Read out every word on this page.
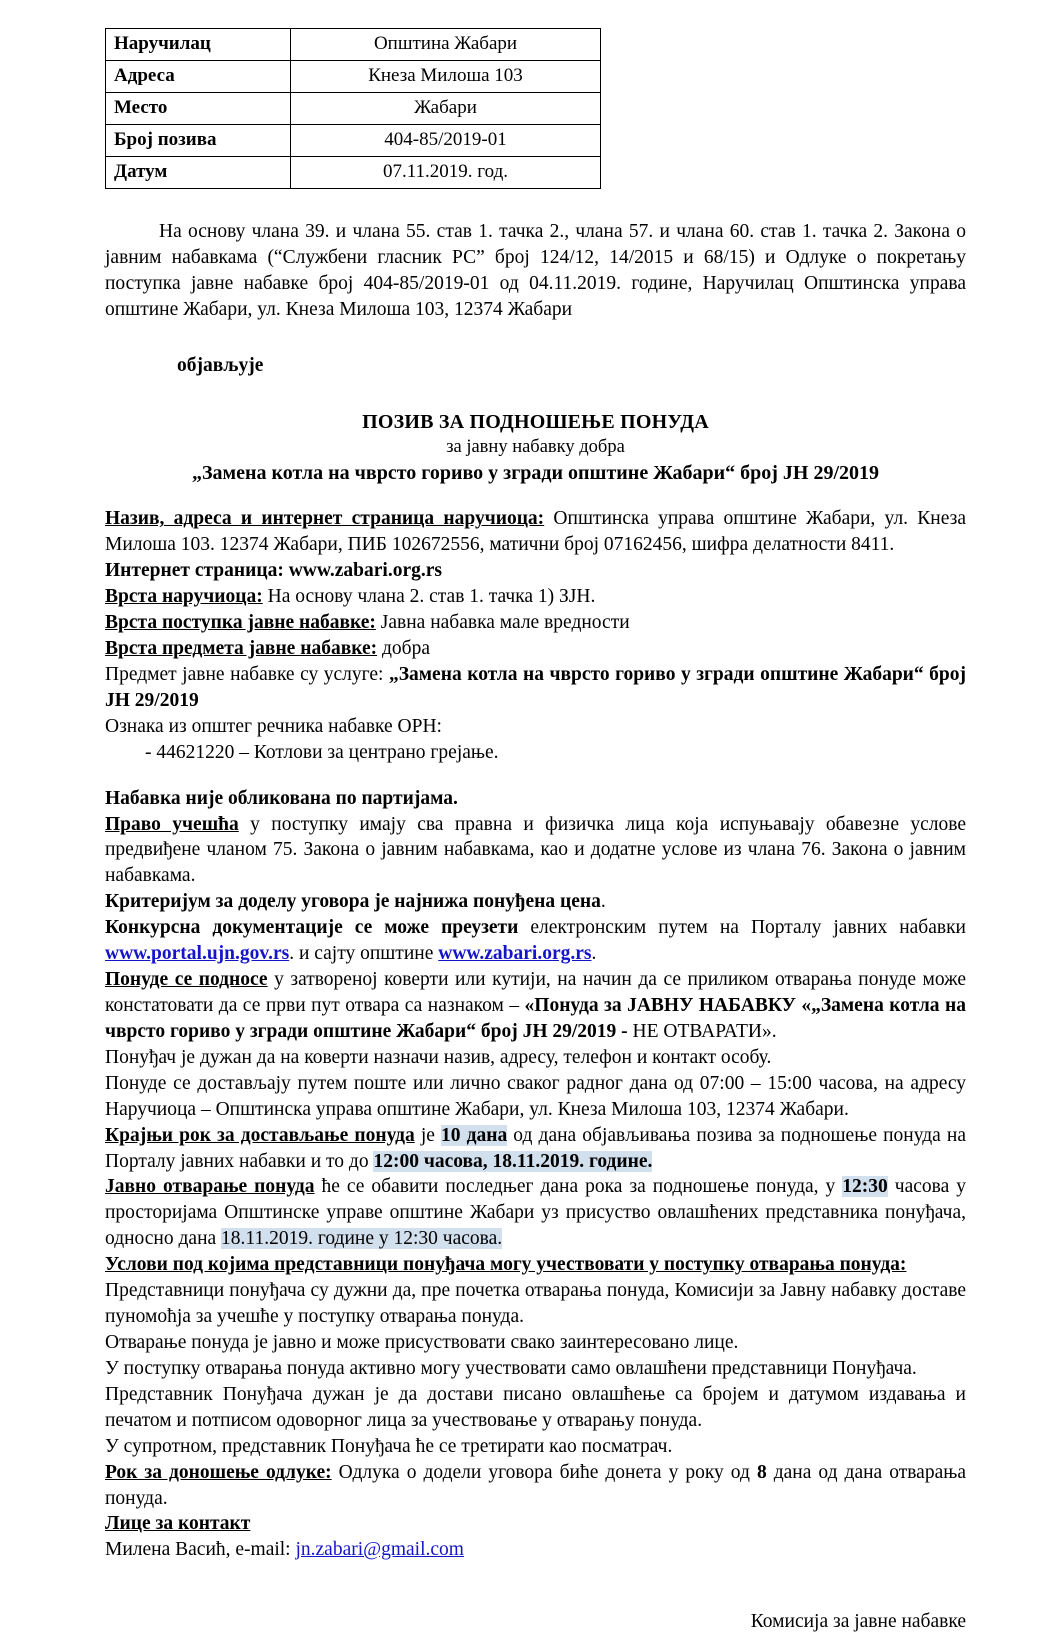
Наручилац	Општина Жабари
Адреса	Кнеза Милоша 103
Место	Жабари
Број позива	404-85/2019-01
Датум	07.11.2019. год.

На основу члана 39. и члана 55. став 1. тачка 2., члана 57. и члана 60. став 1. тачка 2. Закона о јавним набавкама (“Службени гласник РС” број 124/12, 14/2015 и 68/15) и Одлуке о покретању поступка јавне набавке број 404-85/2019-01 од 04.11.2019. године, Наручилац Општинска управа општине Жабари, ул. Кнеза Милоша 103, 12374 Жабари

објављује

ПОЗИВ ЗА ПОДНОШЕЊЕ ПОНУДА

за јавну набавку добра

„Замена котла на чврсто гориво у згради општине Жабари“ број ЈН 29/2019

Назив, адреса и интернет страница наручиоца: Општинска управа општине Жабари, ул. Кнеза Милоша 103. 12374 Жабари, ПИБ 102672556, матични број 07162456, шифра делатности 8411.

Интернет страница: www.zabari.org.rs

Врста наручиоца: На основу члана 2. став 1. тачка 1) ЗЈН.

Врста поступка јавне набавке: Јавна набавка мале вредности

Врста предмета јавне набавке: добра

Предмет јавне набавке су услуге: „Замена котла на чврсто гориво у згради општине Жабари“ број ЈН 29/2019

Ознака из општег речника набавке ОРН:

- 44621220 – Котлови за центрано грејање.

Набавка није обликована по партијама.

Право учешћа у поступку имају сва правна и физичка лица која испуњавају обавезне услове предвиђене чланом 75. Закона о јавним набавкама, као и додатне услове из члана 76. Закона о јавним набавкама.

Критеријум за доделу уговора је најнижа понуђена цена.

Конкурсна документације се може преузети електронским путем на Порталу јавних набавки www.portal.ujn.gov.rs. и сајту општине www.zabari.org.rs.

Понуде се подносе у затвореној коверти или кутији, на начин да се приликом отварања понуде може констатовати да се први пут отвара са назнаком – «Понуда за ЈАВНУ НАБАВКУ «„Замена котла на чврсто гориво у згради општине Жабари“ број ЈН 29/2019 - НЕ ОТВАРАТИ».

Понуђач је дужан да на коверти назначи назив, адресу, телефон и контакт особу.

Понуде се достављају путем поште или лично сваког радног дана од 07:00 – 15:00 часова, на адресу Наручиоца – Општинска управа општине Жабари, ул. Кнеза Милоша 103, 12374 Жабари.

Крајњи рок за достављање понуда је 10 дана од дана објављивања позива за подношење понуда на Порталу јавних набавки и то до 12:00 часова, 18.11.2019. године.

Јавно отварање понуда ће се обавити последњег дана рока за подношење понуда, у 12:30 часова у просторијама Општинске управе општине Жабари уз присуство овлашћених представника понуђача, односно дана 18.11.2019. године у 12:30 часова.

Услови под којима представници понуђача могу учествовати у поступку отварања понуда:

Представници понуђача су дужни да, пре почетка отварања понуда, Комисији за Јавну набавку доставе пуномоћја за учешће у поступку отварања понуда.

Отварање понуда је јавно и може присуствовати свако заинтересовано лице.

У поступку отварања понуда активно могу учествовати само овлашћени представници Понуђача.

Представник Понуђача дужан је да достави писано овлашћење са бројем и датумом издавања и печатом и потписом одоворног лица за учествовање у отварању понуда.

У супротном, представник Понуђача ће се третирати као посматрач.

Рок за доношење одлуке: Одлука о додели уговора биће донета у року од 8 дана од дана отварања понуда.

Лице за контакт

Милена Васић, e-mail: jn.zabari@gmail.com

Комисија за јавне набавке
